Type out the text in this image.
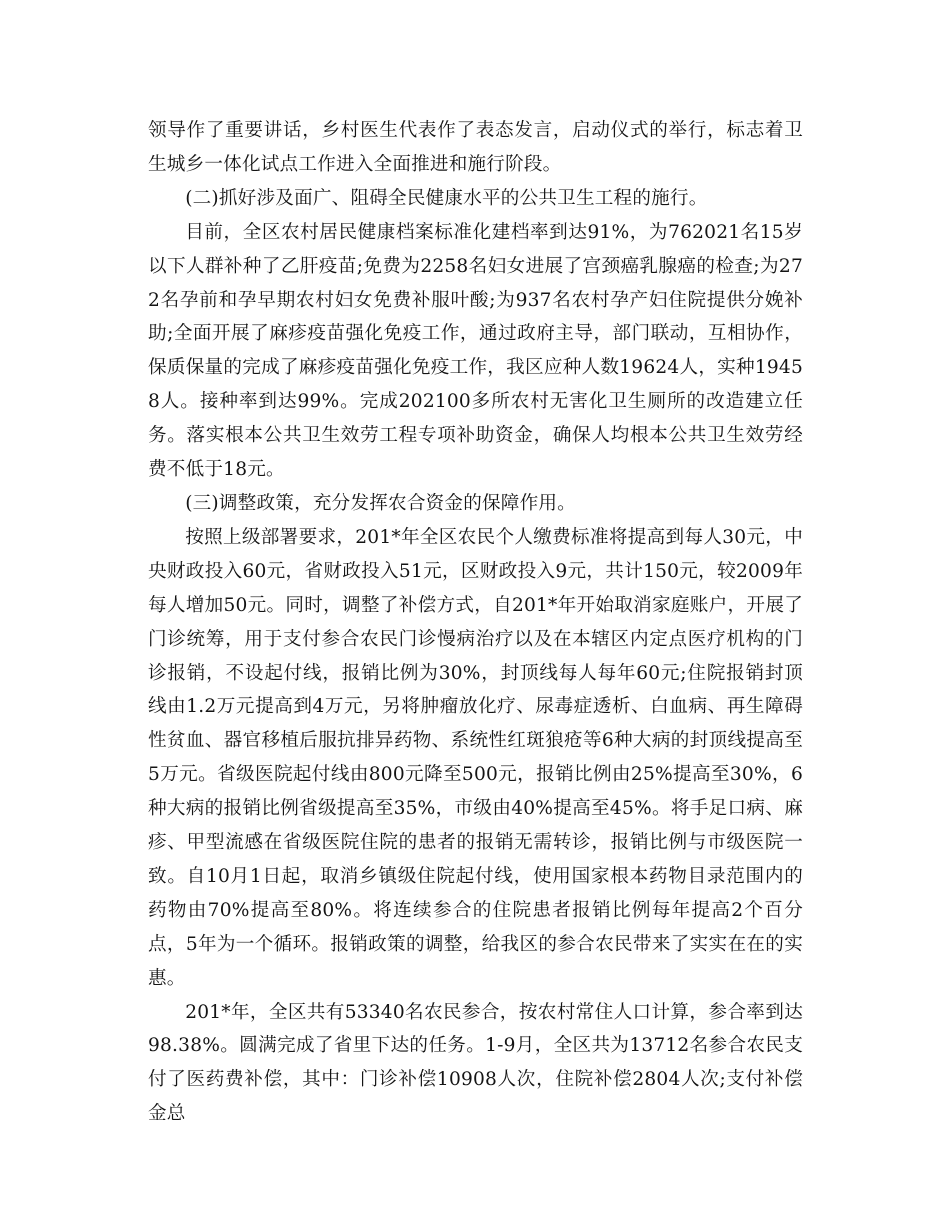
领导作了重要讲话，乡村医生代表作了表态发言，启动仪式的举行，标志着卫生城乡一体化试点工作进入全面推进和施行阶段。

(二)抓好涉及面广、阻碍全民健康水平的公共卫生工程的施行。

目前，全区农村居民健康档案标准化建档率到达91%，为762021名15岁以下人群补种了乙肝疫苗;免费为2258名妇女进展了宫颈癌乳腺癌的检查;为272名孕前和孕早期农村妇女免费补服叶酸;为937名农村孕产妇住院提供分娩补助;全面开展了麻疹疫苗强化免疫工作，通过政府主导，部门联动，互相协作，保质保量的完成了麻疹疫苗强化免疫工作，我区应种人数19624人，实种19458人。接种率到达99%。完成202100多所农村无害化卫生厕所的改造建立任务。落实根本公共卫生效劳工程专项补助资金，确保人均根本公共卫生效劳经费不低于18元。

(三)调整政策，充分发挥农合资金的保障作用。

按照上级部署要求，201*年全区农民个人缴费标准将提高到每人30元，中央财政投入60元，省财政投入51元，区财政投入9元，共计150元，较2009年每人增加50元。同时，调整了补偿方式，自201*年开始取消家庭账户，开展了门诊统筹，用于支付参合农民门诊慢病治疗以及在本辖区内定点医疗机构的门诊报销，不设起付线，报销比例为30%，封顶线每人每年60元;住院报销封顶线由1.2万元提高到4万元，另将肿瘤放化疗、尿毒症透析、白血病、再生障碍性贫血、器官移植后服抗排异药物、系统性红斑狼疮等6种大病的封顶线提高至5万元。省级医院起付线由800元降至500元，报销比例由25%提高至30%，6种大病的报销比例省级提高至35%，市级由40%提高至45%。将手足口病、麻疹、甲型流感在省级医院住院的患者的报销无需转诊，报销比例与市级医院一致。自10月1日起，取消乡镇级住院起付线，使用国家根本药物目录范围内的药物由70%提高至80%。将连续参合的住院患者报销比例每年提高2个百分点，5年为一个循环。报销政策的调整，给我区的参合农民带来了实实在在的实惠。

201*年，全区共有53340名农民参合，按农村常住人口计算，参合率到达98.38%。圆满完成了省里下达的任务。1-9月，全区共为13712名参合农民支付了医药费补偿，其中：门诊补偿10908人次，住院补偿2804人次;支付补偿金总
